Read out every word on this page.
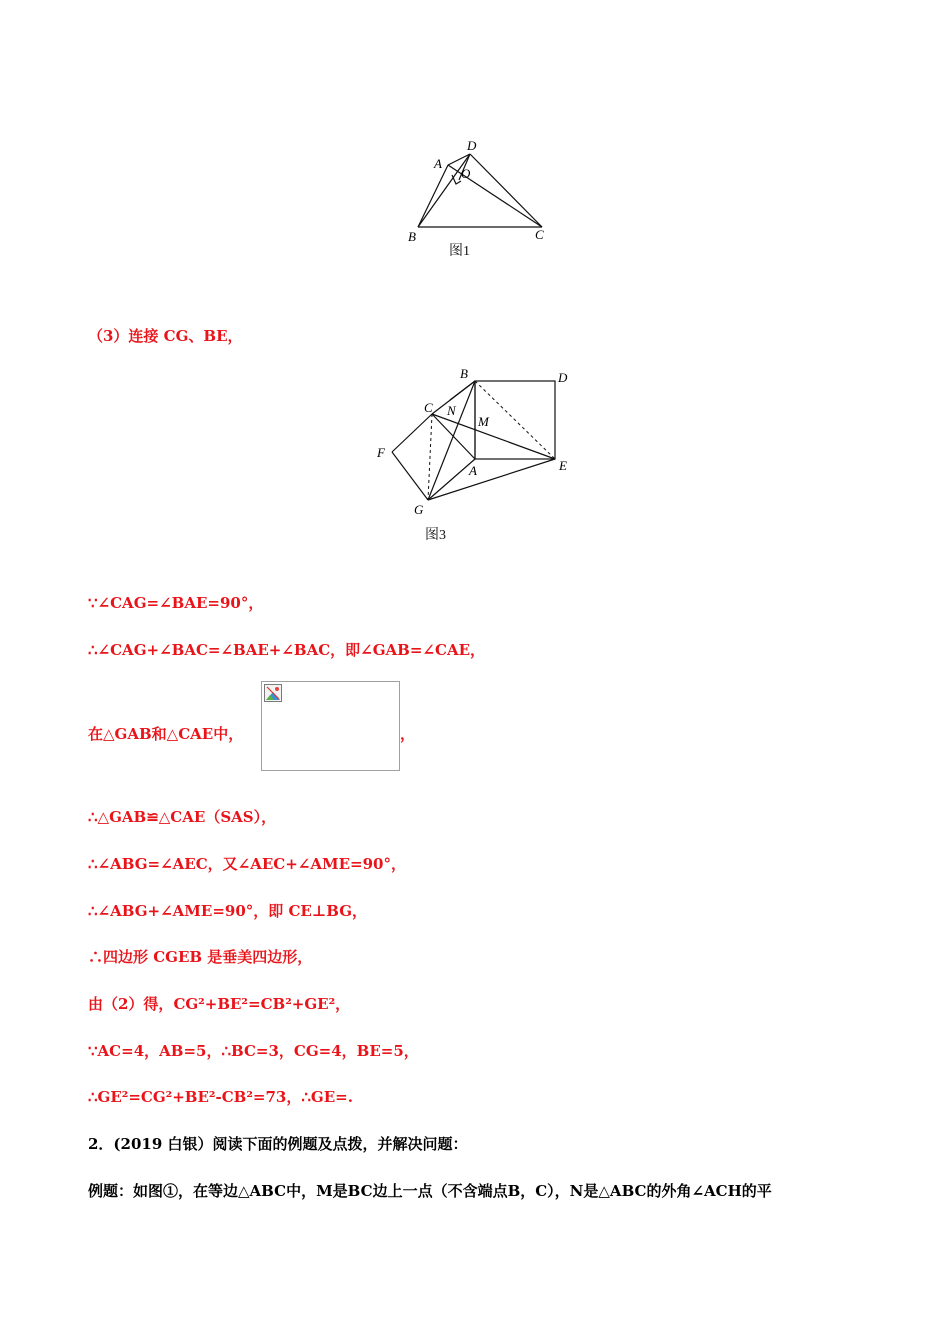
A
D
O
B	C
图1
（3）连接 CG、BE，
B	D
C N
M
F
A	E
G
图3
∵∠CAG=∠BAE=90°，
∴∠CAG+∠BAC=∠BAE+∠BAC，即∠GAB=∠CAE，
在△GAB和△CAE中，	，
∴△GAB≌△CAE（SAS），
∴∠ABG=∠AEC，又∠AEC+∠AME=90°，
∴∠ABG+∠AME=90°，即 CE⊥BG，
∴四边形 CGEB 是垂美四边形，
由（2）得，CG²+BE²=CB²+GE²，
∵AC=4，AB=5，∴BC=3，CG=4，BE=5，
∴GE²=CG²+BE²-CB²=73，∴GE=.
2．(2019 白银）阅读下面的例题及点拨，并解决问题：
例题：如图①，在等边△ABC中，M是BC边上一点（不含端点B，C），N是△ABC的外角∠ACH的平
